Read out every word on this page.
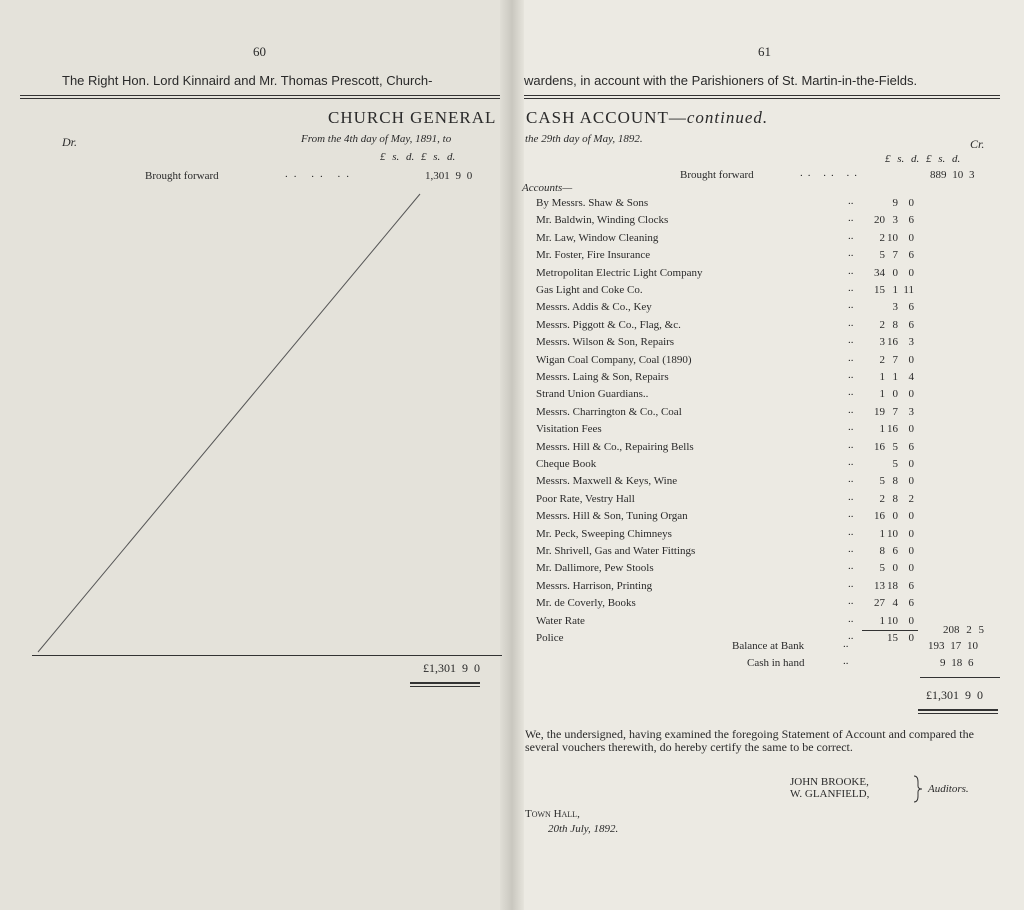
60	61
The Right Hon. Lord Kinnaird and Mr. Thomas Prescott, Church-	wardens, in account with the Parishioners of St. Martin-in-the-Fields.
CHURCH GENERAL CASH ACCOUNT—continued.
Dr.	From the 4th day of May, 1891, to	the 29th day of May, 1892.	Cr.
£ s. d. £ s. d.	£ s. d. £ s. d.
Brought forward	.. .. ..	1,301 9 0
£1,301 9 0
Brought forward	.. .. ..	889 10 3
Accounts—
By Messrs. Shaw & Sons	..	9 0
Mr. Baldwin, Winding Clocks	..	20 3 6
Mr. Law, Window Cleaning	..	2 10 0
Mr. Foster, Fire Insurance	..	5 7 6
Metropolitan Electric Light Company	..	34 0 0
Gas Light and Coke Co.	..	15 1 11
Messrs. Addis & Co., Key	..	3 6
Messrs. Piggott & Co., Flag, &c.	..	2 8 6
Messrs. Wilson & Son, Repairs	..	3 16 3
Wigan Coal Company, Coal (1890)	..	2 7 0
Messrs. Laing & Son, Repairs	..	1 1 4
Strand Union Guardians..	..	1 0 0
Messrs. Charrington & Co., Coal	..	19 7 3
Visitation Fees	..	1 16 0
Messrs. Hill & Co., Repairing Bells	..	16 5 6
Cheque Book	..	5 0
Messrs. Maxwell & Keys, Wine	..	5 8 0
Poor Rate, Vestry Hall	..	2 8 2
Messrs. Hill & Son, Tuning Organ	..	16 0 0
Mr. Peck, Sweeping Chimneys	..	1 10 0
Mr. Shrivell, Gas and Water Fittings	..	8 6 0
Mr. Dallimore, Pew Stools	..	5 0 0
Messrs. Harrison, Printing	..	13 18 6
Mr. de Coverly, Books	..	27 4 6
Water Rate	..	1 10 0
Police	..	15 0
208 2 5
Balance at Bank	..	193 17 10
Cash in hand	..	9 18 6
£1,301 9 0
We, the undersigned, having examined the foregoing Statement of Account and compared the several vouchers therewith, do hereby certify the same to be correct.
JOHN BROOKE,
W. GLANFIELD,	Auditors.
Town Hall,
20th July, 1892.
